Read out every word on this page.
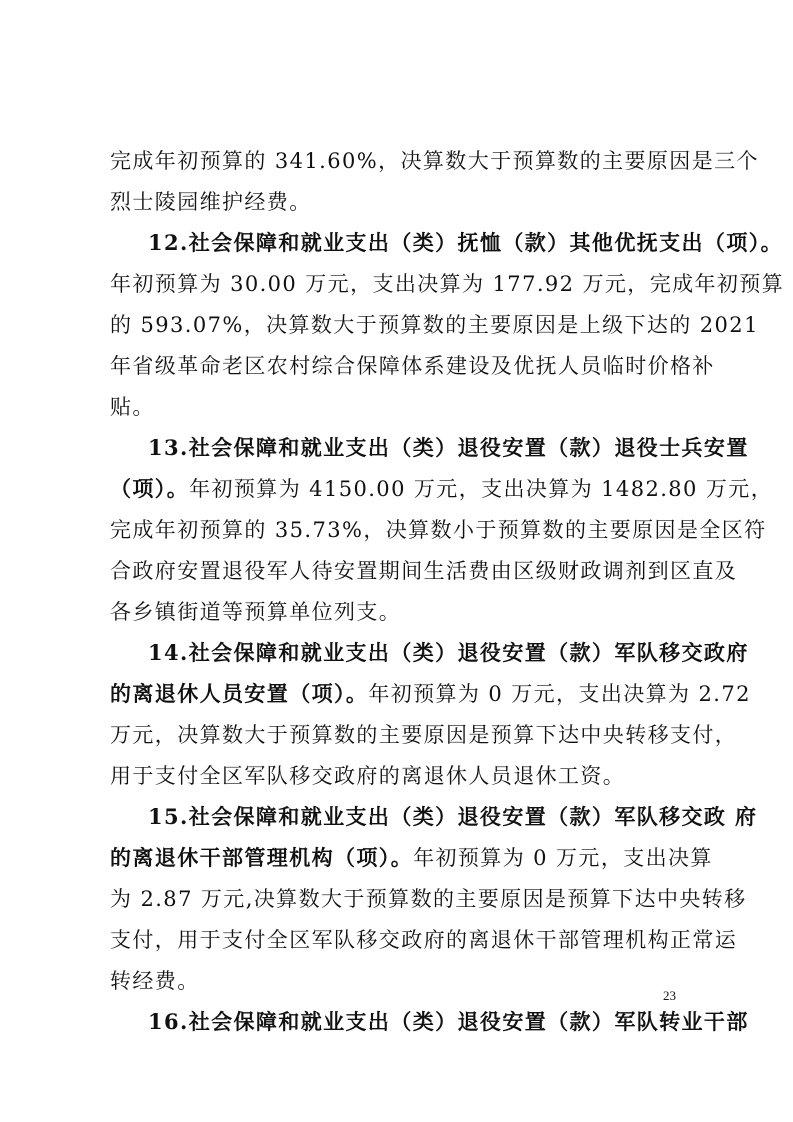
完成年初预算的 341.60%，决算数大于预算数的主要原因是三个
烈士陵园维护经费。
12.社会保障和就业支出（类）抚恤（款）其他优抚支出（项）。
年初预算为 30.00 万元，支出决算为 177.92 万元，完成年初预算
的 593.07%，决算数大于预算数的主要原因是上级下达的 2021
年省级革命老区农村综合保障体系建设及优抚人员临时价格补
贴。
13.社会保障和就业支出（类）退役安置（款）退役士兵安置
（项）。年初预算为 4150.00 万元，支出决算为 1482.80 万元，
完成年初预算的 35.73%，决算数小于预算数的主要原因是全区符
合政府安置退役军人待安置期间生活费由区级财政调剂到区直及
各乡镇街道等预算单位列支。
14.社会保障和就业支出（类）退役安置（款）军队移交政府
的离退休人员安置（项）。年初预算为 0 万元，支出决算为 2.72
万元，决算数大于预算数的主要原因是预算下达中央转移支付，
用于支付全区军队移交政府的离退休人员退休工资。
15.社会保障和就业支出（类）退役安置（款）军队移交政 府
的离退休干部管理机构（项）。年初预算为 0 万元，支出决算
为 2.87 万元,决算数大于预算数的主要原因是预算下达中央转移
支付，用于支付全区军队移交政府的离退休干部管理机构正常运
转经费。
16.社会保障和就业支出（类）退役安置（款）军队转业干部
23
